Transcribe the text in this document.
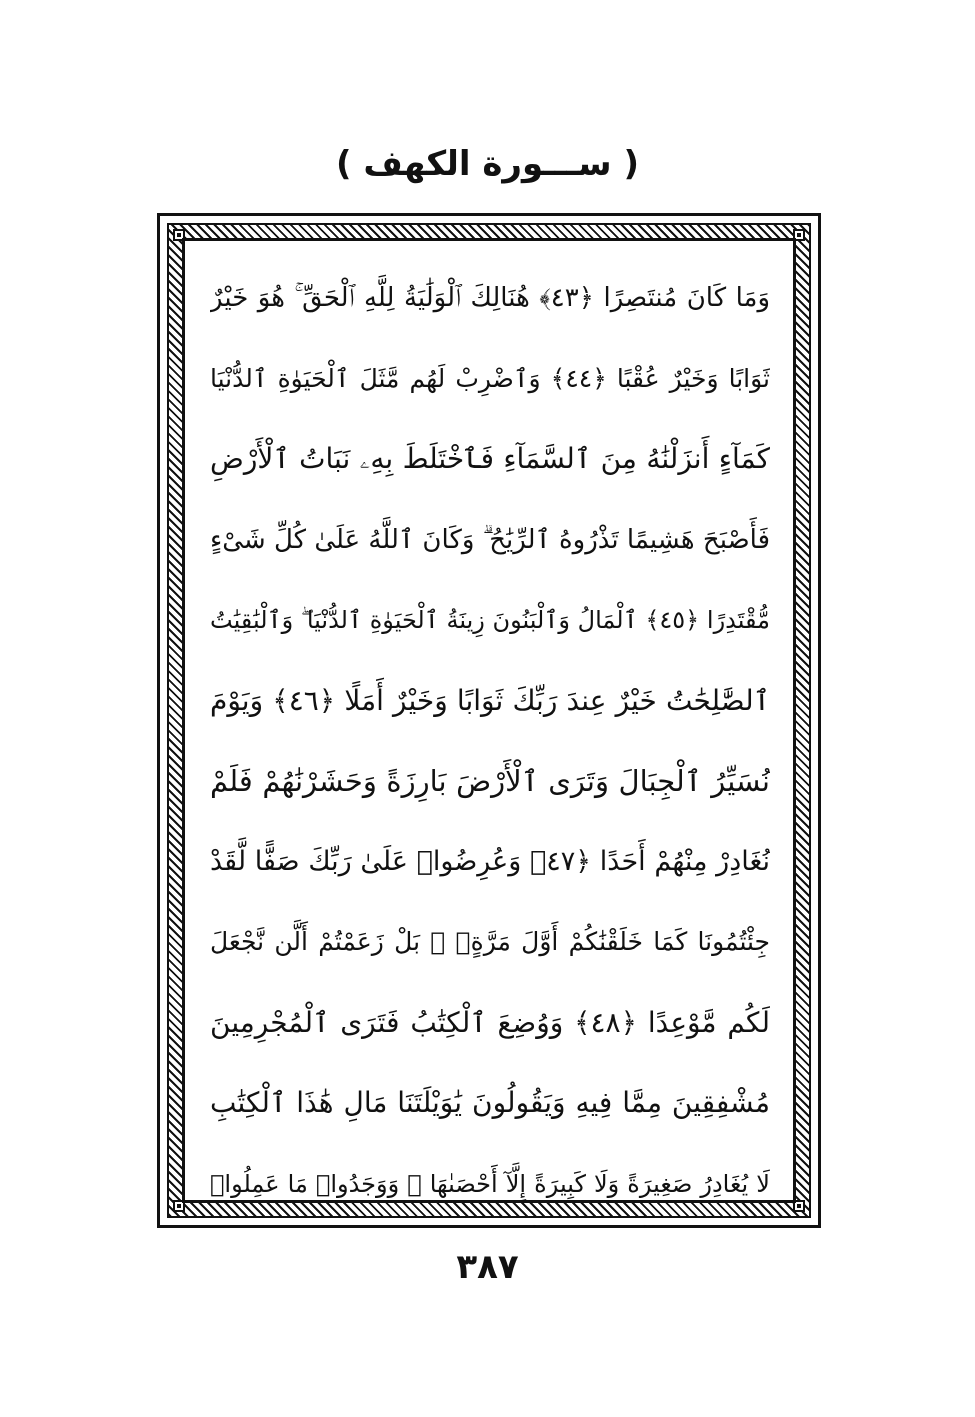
( ســـورة الكهف )
وَمَا كَانَ مُنتَصِرًا ﴿٤٣﴾ هُنَالِكَ ٱلْوَلَٰيَةُ لِلَّهِ ٱلْحَقِّ ۚ هُوَ خَيْرٌ
ثَوَابًا وَخَيْرٌ عُقْبًا ﴿٤٤﴾ وَٱضْرِبْ لَهُم مَّثَلَ ٱلْحَيَوٰةِ ٱلدُّنْيَا
كَمَآءٍ أَنزَلْنَٰهُ مِنَ ٱلسَّمَآءِ فَٱخْتَلَطَ بِهِۦ نَبَاتُ ٱلْأَرْضِ
فَأَصْبَحَ هَشِيمًا تَذْرُوهُ ٱلرِّيَٰحُ ۗ وَكَانَ ٱللَّهُ عَلَىٰ كُلِّ شَىْءٍ
مُّقْتَدِرًا ﴿٤٥﴾ ٱلْمَالُ وَٱلْبَنُونَ زِينَةُ ٱلْحَيَوٰةِ ٱلدُّنْيَا ۖ وَٱلْبَٰقِيَٰتُ
ٱلصَّٰلِحَٰتُ خَيْرٌ عِندَ رَبِّكَ ثَوَابًا وَخَيْرٌ أَمَلًا ﴿٤٦﴾ وَيَوْمَ
نُسَيِّرُ ٱلْجِبَالَ وَتَرَى ٱلْأَرْضَ بَارِزَةً وَحَشَرْنَٰهُمْ فَلَمْ
نُغَادِرْ مِنْهُمْ أَحَدًا ﴿٤٧﴾ وَعُرِضُوا۟ عَلَىٰ رَبِّكَ صَفًّا لَّقَدْ
جِئْتُمُونَا كَمَا خَلَقْنَٰكُمْ أَوَّلَ مَرَّةٍۭ ۚ بَلْ زَعَمْتُمْ أَلَّن نَّجْعَلَ
لَكُم مَّوْعِدًا ﴿٤٨﴾ وَوُضِعَ ٱلْكِتَٰبُ فَتَرَى ٱلْمُجْرِمِينَ
مُشْفِقِينَ مِمَّا فِيهِ وَيَقُولُونَ يَٰوَيْلَتَنَا مَالِ هَٰذَا ٱلْكِتَٰبِ
لَا يُغَادِرُ صَغِيرَةً وَلَا كَبِيرَةً إِلَّآ أَحْصَىٰهَا ۚ وَوَجَدُوا۟ مَا عَمِلُوا۟
٣٨٧
